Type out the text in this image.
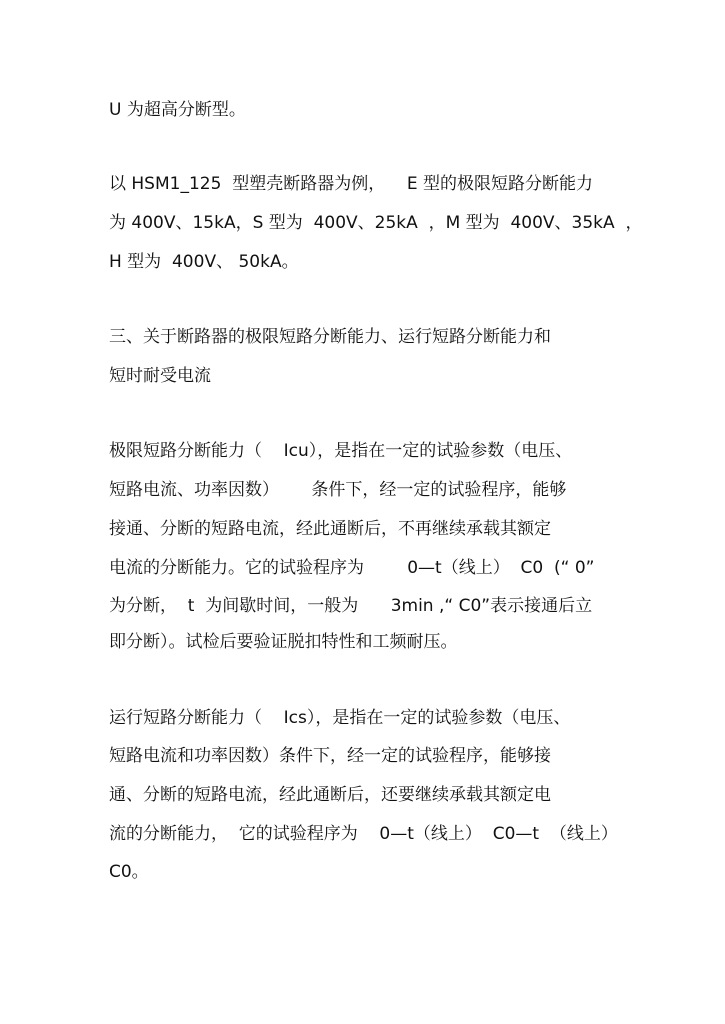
U 为超高分断型。

以 HSM1_125  型塑壳断路器为例，    E 型的极限短路分断能力

为 400V、15kA，S 型为  400V、25kA  ，M 型为  400V、35kA  ，

H 型为  400V、 50kA。

三、关于断路器的极限短路分断能力、运行短路分断能力和

短时耐受电流

极限短路分断能力（    Icu），是指在一定的试验参数（电压、

短路电流、功率因数）      条件下，经一定的试验程序，能够

接通、分断的短路电流，经此通断后，不再继续承载其额定

电流的分断能力。它的试验程序为        0—t（线上）  C0  (“ 0”

为分断，  t  为间歇时间，一般为      3min ,“ C0”表示接通后立

即分断）。试检后要验证脱扣特性和工频耐压。

运行短路分断能力（    Ics），是指在一定的试验参数（电压、

短路电流和功率因数）条件下，经一定的试验程序，能够接

通、分断的短路电流，经此通断后，还要继续承载其额定电

流的分断能力，  它的试验程序为    0—t（线上）  C0—t  （线上）

C0。
